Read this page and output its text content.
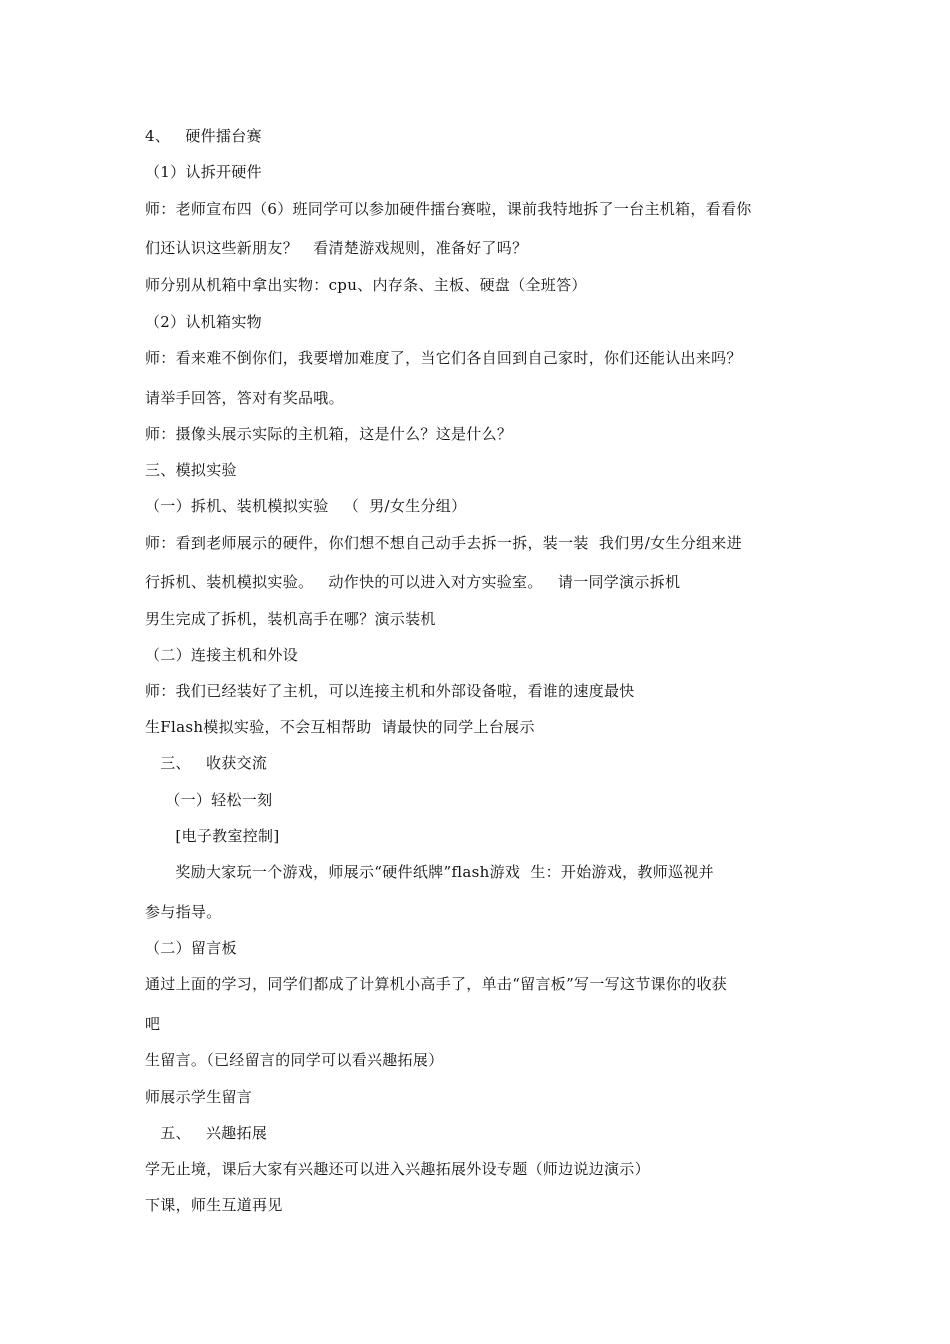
4、   硬件擂台赛
（1）认拆开硬件
师：老师宣布四（6）班同学可以参加硬件擂台赛啦，课前我特地拆了一台主机箱，看看你
们还认识这些新朋友？   看清楚游戏规则，准备好了吗？
师分别从机箱中拿出实物：cpu、内存条、主板、硬盘（全班答）
（2）认机箱实物
师：看来难不倒你们，我要增加难度了，当它们各自回到自己家时，你们还能认出来吗？
请举手回答，答对有奖品哦。
师：摄像头展示实际的主机箱，这是什么？这是什么？
三、模拟实验
（一）拆机、装机模拟实验   （  男/女生分组）
师：看到老师展示的硬件，你们想不想自己动手去拆一拆，装一装  我们男/女生分组来进
行拆机、装机模拟实验。   动作快的可以进入对方实验室。   请一同学演示拆机
男生完成了拆机，装机高手在哪？演示装机
（二）连接主机和外设
师：我们已经装好了主机，可以连接主机和外部设备啦，看谁的速度最快
生Flash模拟实验，不会互相帮助  请最快的同学上台展示
三、   收获交流
（一）轻松一刻
[电子教室控制]
奖励大家玩一个游戏，师展示“硬件纸牌”flash游戏  生：开始游戏，教师巡视并
参与指导。
（二）留言板
通过上面的学习，同学们都成了计算机小高手了，单击“留言板”写一写这节课你的收获
吧
生留言。（已经留言的同学可以看兴趣拓展）
师展示学生留言
五、   兴趣拓展
学无止境，课后大家有兴趣还可以进入兴趣拓展外设专题（师边说边演示）
下课，师生互道再见
